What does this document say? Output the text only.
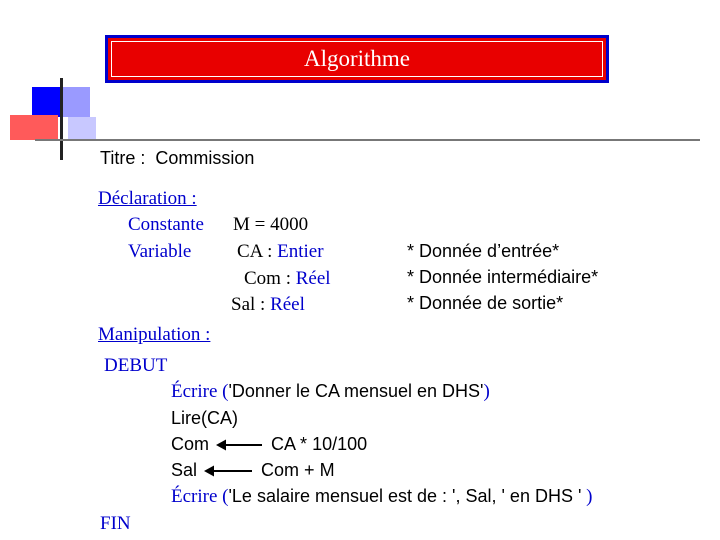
Algorithme
Titre : Commission
Déclaration :
Constante M = 4000
Variable CA : Entier
Com : Réel
Sal : Réel
* Donnée d’entrée*
* Donnée intermédiaire*
* Donnée de sortie*
Manipulation :
DEBUT
Écrire ('Donner le CA mensuel en DHS')
Lire(CA)
Com	CA * 10/100
Sal	Com + M
Écrire ('Le salaire mensuel est de : ', Sal, ' en DHS ' )
FIN
